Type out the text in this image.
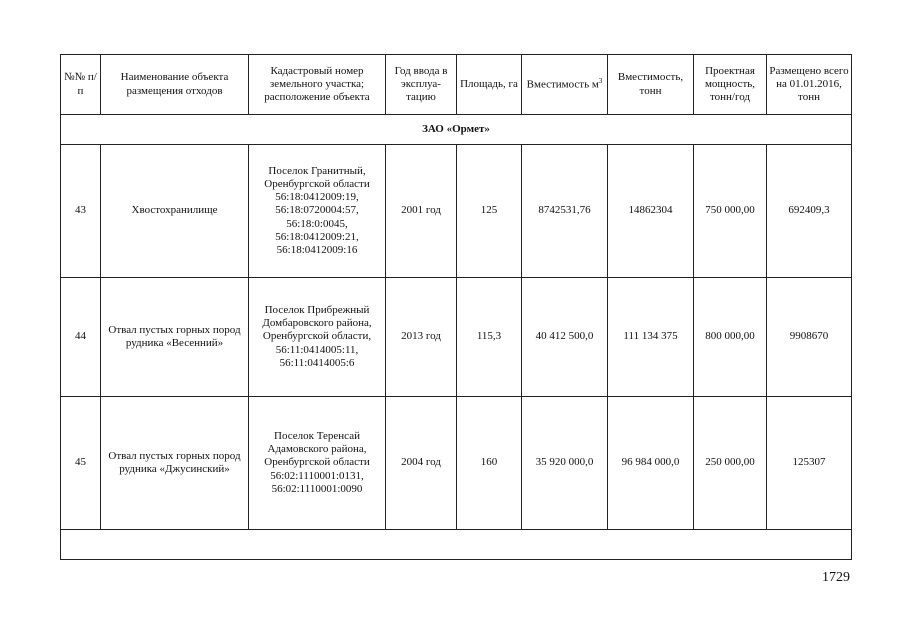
№№ п/п	Наименование объекта размещения отходов	Кадастровый номер земельного участка; расположение объекта	Год ввода в эксплуа-тацию	Площадь, га	Вместимость $м^3$	Вместимость, тонн	Проектная мощность, тонн/год	Размещено всего на 01.01.2016, тонн
ЗАО «Ормет»								
43	Хвостохранилище	Поселок Гранитный, Оренбургской области 56:18:0412009:19, 56:18:0720004:57, 56:18:0:0045, 56:18:0412009:21, 56:18:0412009:16	2001 год	125	8742531,76	14862304	750 000,00	692409,3
44	Отвал пустых горных пород рудника «Весенний»	Поселок Прибрежный Домбаровского района, Оренбургской области, 56:11:0414005:11, 56:11:0414005:6	2013 год	115,3	40 412 500,0	111 134 375	800 000,00	9908670
45	Отвал пустых горных пород рудника «Джусинский»	Поселок Теренсай Адамовского района, Оренбургской области 56:02:1110001:0131, 56:02:1110001:0090	2004 год	160	35 920 000,0	96 984 000,0	250 000,00	125307

1729
